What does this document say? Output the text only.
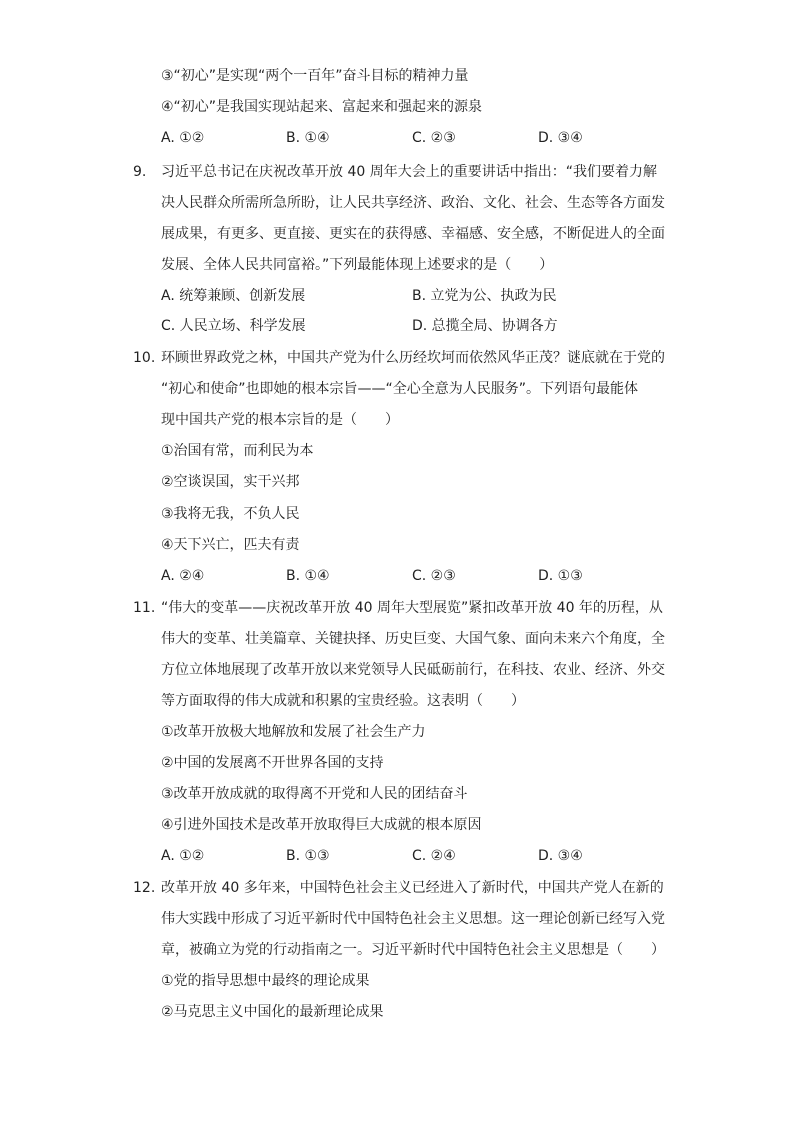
③“初心”是实现“两个一百年”奋斗目标的精神力量
④“初心”是我国实现站起来、富起来和强起来的源泉
A. ①②	B. ①④	C. ②③	D. ③④
9.	习近平总书记在庆祝改革开放 40 周年大会上的重要讲话中指出：“我们要着力解
决人民群众所需所急所盼，让人民共享经济、政治、文化、社会、生态等各方面发
展成果，有更多、更直接、更实在的获得感、幸福感、安全感，不断促进人的全面
发展、全体人民共同富裕。”下列最能体现上述要求的是（　　）
A. 统筹兼顾、创新发展	B. 立党为公、执政为民
C. 人民立场、科学发展	D. 总揽全局、协调各方
10. 环顾世界政党之林，中国共产党为什么历经坎坷而依然风华正茂？谜底就在于党的
“初心和使命”也即她的根本宗旨——“全心全意为人民服务”。下列语句最能体
现中国共产党的根本宗旨的是（　　）
①治国有常，而利民为本
②空谈误国，实干兴邦
③我将无我，不负人民
④天下兴亡，匹夫有责
A. ②④	B. ①④	C. ②③	D. ①③
11. “伟大的变革——庆祝改革开放 40 周年大型展览”紧扣改革开放 40 年的历程，从
伟大的变革、壮美篇章、关键抉择、历史巨变、大国气象、面向未来六个角度，全
方位立体地展现了改革开放以来党领导人民砥砺前行，在科技、农业、经济、外交
等方面取得的伟大成就和积累的宝贵经验。这表明（　　）
①改革开放极大地解放和发展了社会生产力
②中国的发展离不开世界各国的支持
③改革开放成就的取得离不开党和人民的团结奋斗
④引进外国技术是改革开放取得巨大成就的根本原因
A. ①②	B. ①③	C. ②④	D. ③④
12. 改革开放 40 多年来，中国特色社会主义已经进入了新时代，中国共产党人在新的
伟大实践中形成了习近平新时代中国特色社会主义思想。这一理论创新已经写入党
章，被确立为党的行动指南之一。习近平新时代中国特色社会主义思想是（　　）
①党的指导思想中最终的理论成果
②马克思主义中国化的最新理论成果
